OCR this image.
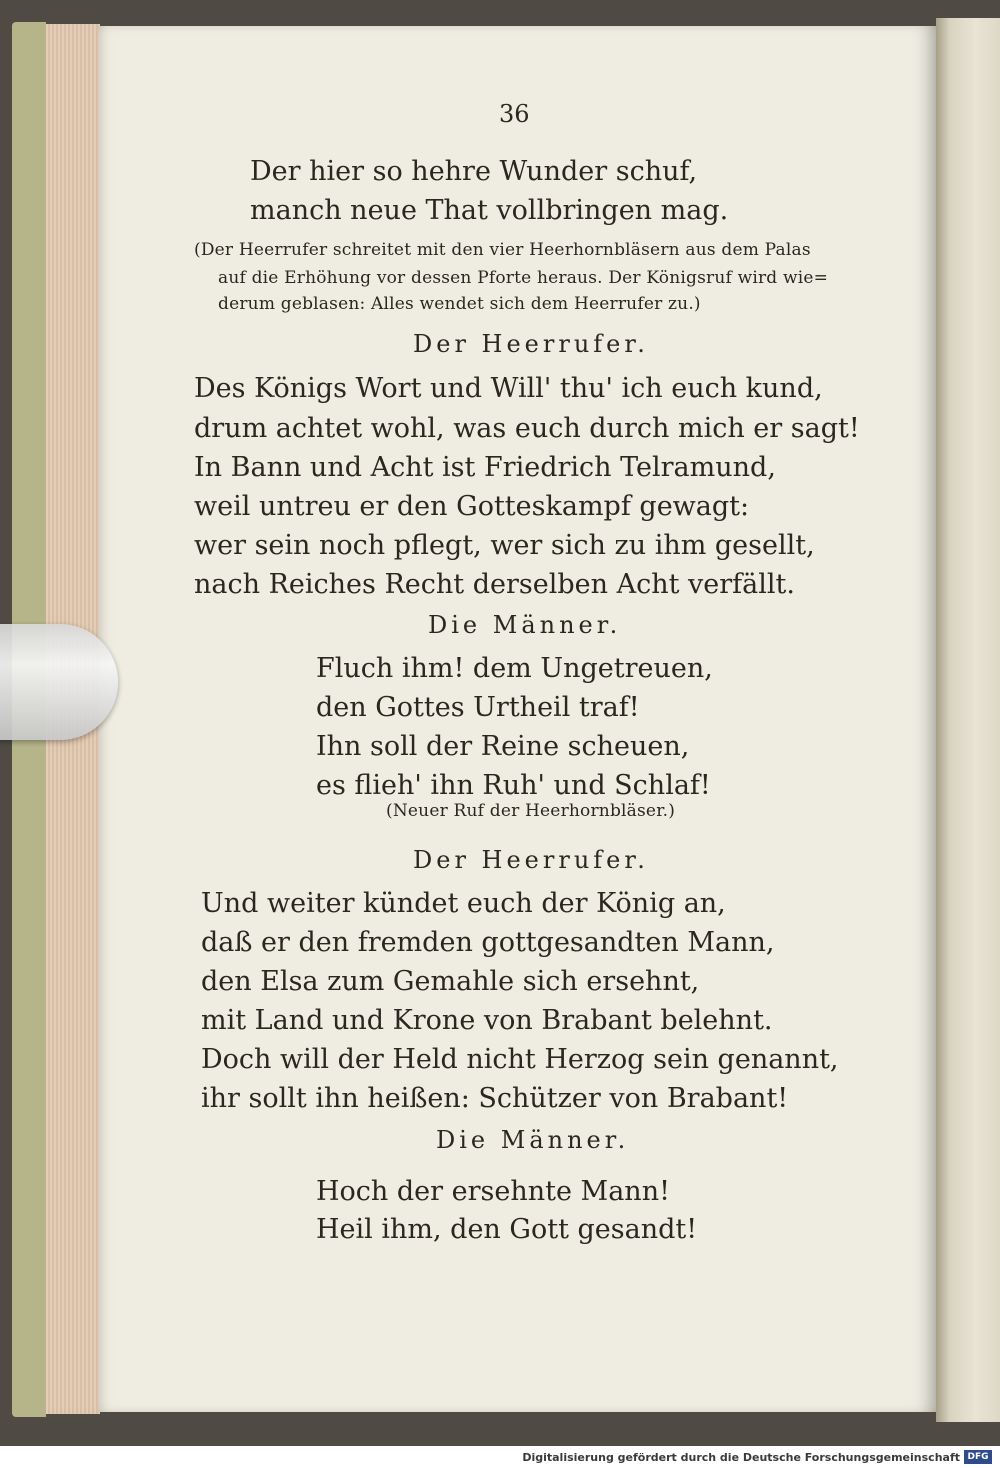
36
Der hier so hehre Wunder schuf,
manch neue That vollbringen mag.
(Der Heerrufer schreitet mit den vier Heerhornbläsern aus dem Palas
auf die Erhöhung vor dessen Pforte heraus. Der Königsruf wird wie=
derum geblasen: Alles wendet sich dem Heerrufer zu.)
Der Heerrufer.
Des Königs Wort und Will' thu' ich euch kund,
drum achtet wohl, was euch durch mich er sagt!
In Bann und Acht ist Friedrich Telramund,
weil untreu er den Gotteskampf gewagt:
wer sein noch pflegt, wer sich zu ihm gesellt,
nach Reiches Recht derselben Acht verfällt.
Die Männer.
Fluch ihm! dem Ungetreuen,
den Gottes Urtheil traf!
Ihn soll der Reine scheuen,
es flieh' ihn Ruh' und Schlaf!
(Neuer Ruf der Heerhornbläser.)
Der Heerrufer.
Und weiter kündet euch der König an,
daß er den fremden gottgesandten Mann,
den Elsa zum Gemahle sich ersehnt,
mit Land und Krone von Brabant belehnt.
Doch will der Held nicht Herzog sein genannt,
ihr sollt ihn heißen: Schützer von Brabant!
Die Männer.
Hoch der ersehnte Mann!
Heil ihm, den Gott gesandt!
Digitalisierung gefördert durch die Deutsche Forschungsgemeinschaft DFG
